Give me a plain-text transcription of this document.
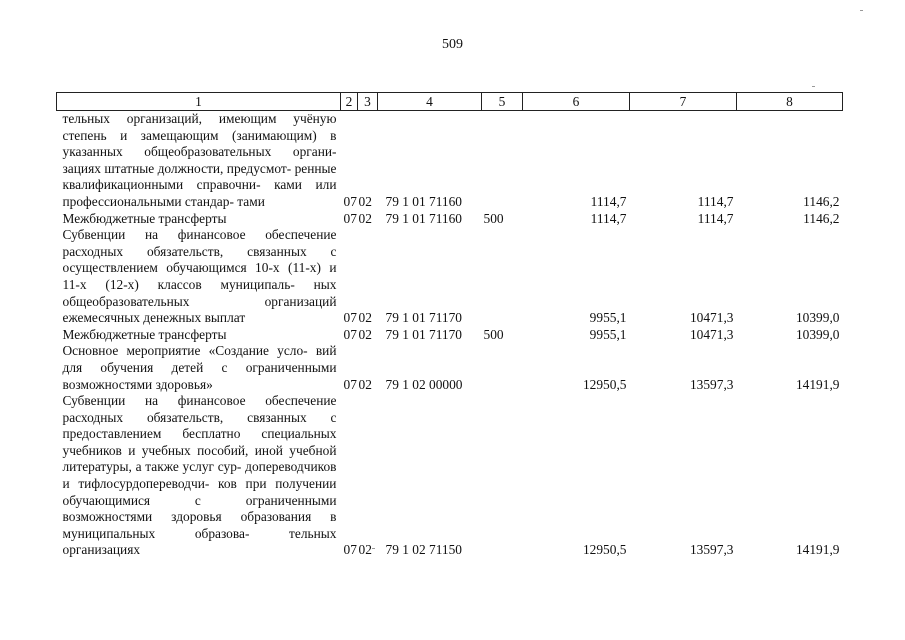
509
1	2	3	4	5	6	7	8
тельных организаций, имеющим учёную степень и замещающим (занимающим) в указанных общеобразовательных органи- зациях штатные должности, предусмот- ренные квалификационными справочни- ками или профессиональными стандар- тами	07	02	79 1 01 71160		1114,7	1114,7	1146,2
Межбюджетные трансферты	07	02	79 1 01 71160	500	1114,7	1114,7	1146,2
Субвенции на финансовое обеспечение расходных обязательств, связанных с осуществлением обучающимся 10-х (11-х) и 11-х (12-х) классов муниципаль- ных общеобразовательных организаций ежемесячных денежных выплат	07	02	79 1 01 71170		9955,1	10471,3	10399,0
Межбюджетные трансферты	07	02	79 1 01 71170	500	9955,1	10471,3	10399,0
Основное мероприятие «Создание усло- вий для обучения детей с ограниченными возможностями здоровья»	07	02	79 1 02 00000		12950,5	13597,3	14191,9
Субвенции на финансовое обеспечение расходных обязательств, связанных с предоставлением бесплатно специальных учебников и учебных пособий, иной учебной литературы, а также услуг сур- допереводчиков и тифлосурдопереводчи- ков при получении обучающимися с ограниченными возможностями здоровья образования в муниципальных образова- тельных организациях	07	02	79 1 02 71150		12950,5	13597,3	14191,9
